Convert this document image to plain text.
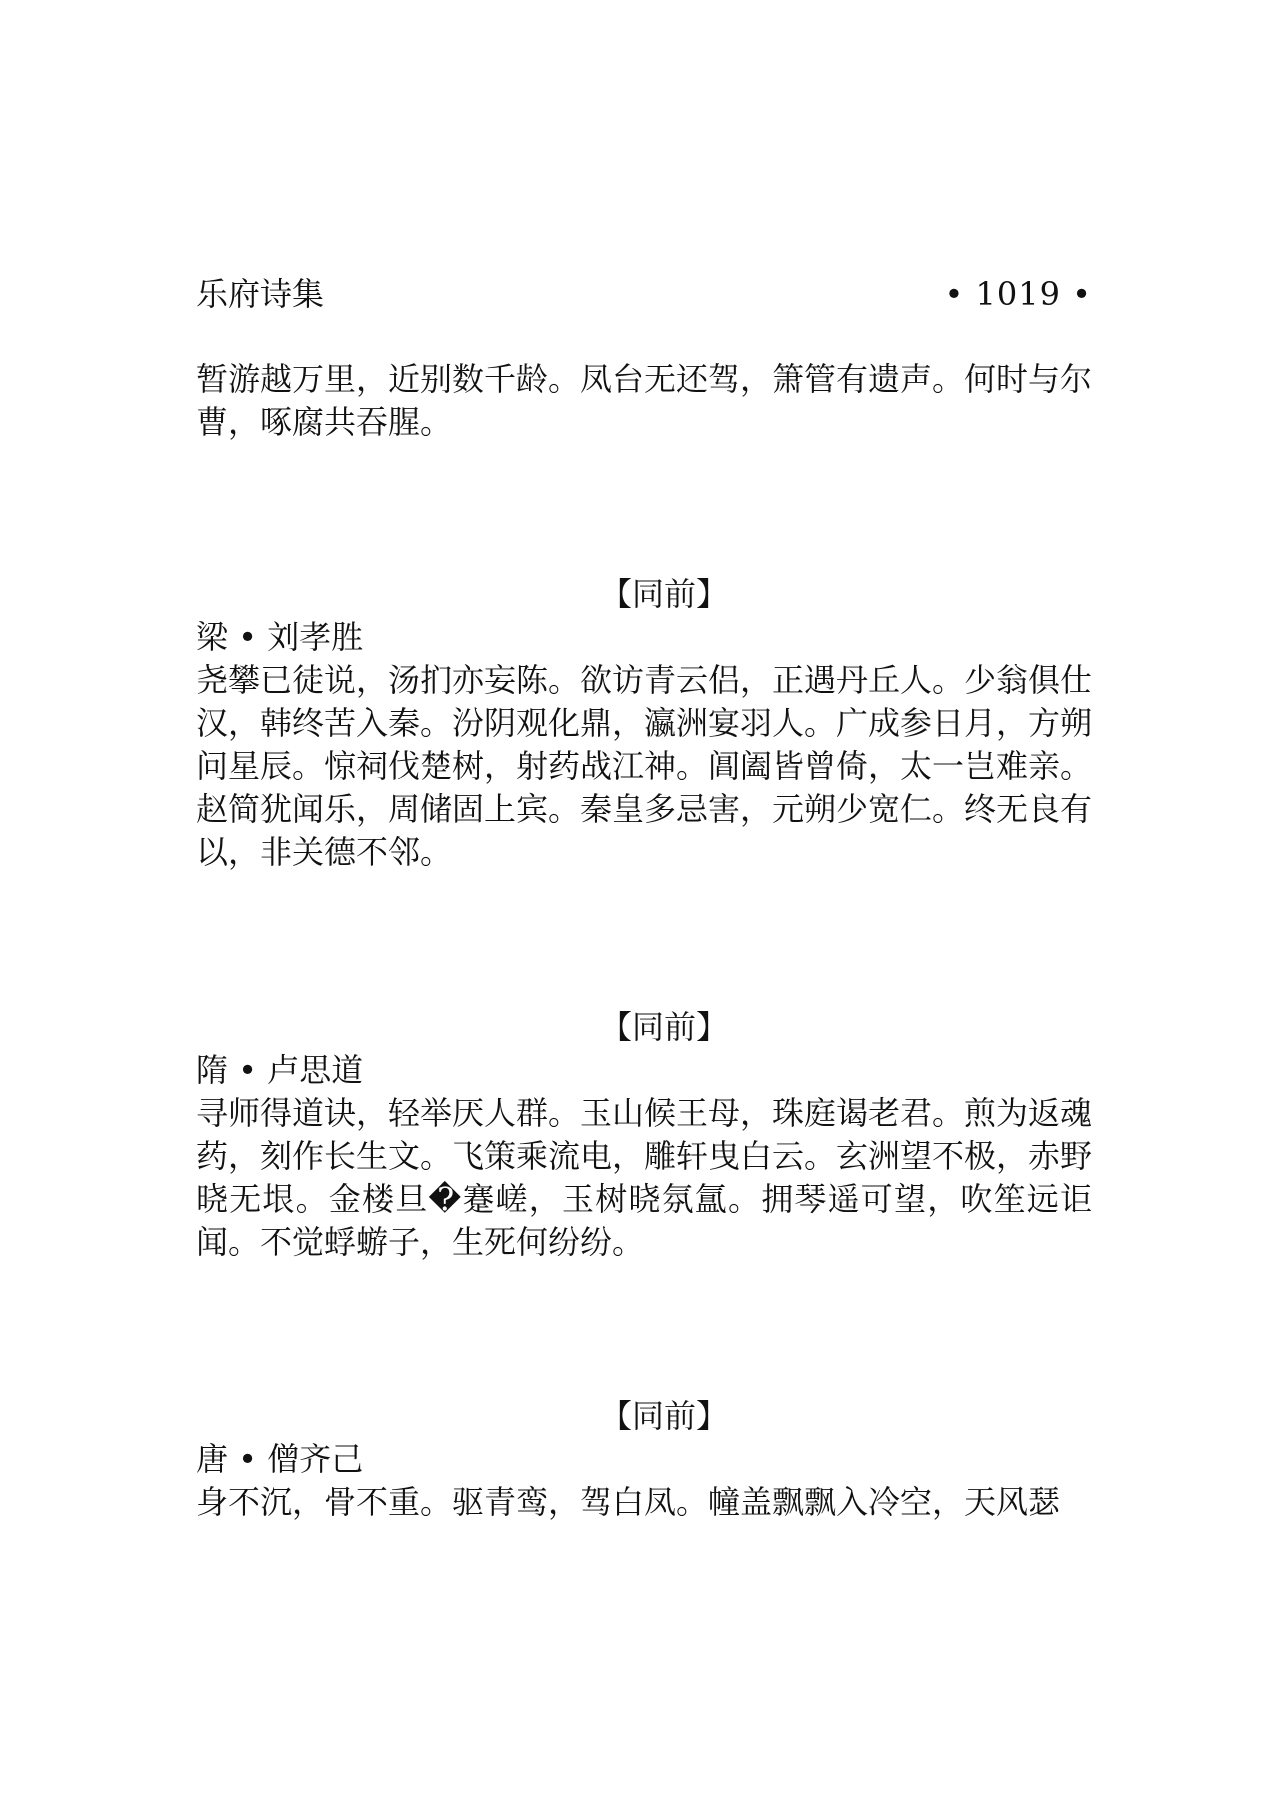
乐府诗集	• 1019 •

暂游越万里，近别数千龄。凤台无还驾，箫管有遗声。何时与尔曹，啄腐共吞腥。

【同前】
梁 • 刘孝胜

尧攀已徒说，汤扪亦妄陈。欲访青云侣，正遇丹丘人。少翁俱仕汉，韩终苦入秦。汾阴观化鼎，瀛洲宴羽人。广成参日月，方朔问星辰。惊祠伐楚树，射药战江神。阊阖皆曾倚，太一岂难亲。赵简犹闻乐，周储固上宾。秦皇多忌害，元朔少宽仁。终无良有以，非关德不邻。

【同前】
隋 • 卢思道

寻师得道诀，轻举厌人群。玉山候王母，珠庭谒老君。煎为返魂药，刻作长生文。飞策乘流电，雕轩曳白云。玄洲望不极，赤野晓无垠。金楼旦�蹇嵯，玉树晓氛氲。拥琴遥可望，吹笙远讵闻。不觉蜉蝣子，生死何纷纷。

【同前】
唐 • 僧齐己

身不沉，骨不重。驱青鸾，驾白凤。幢盖飘飘入冷空，天风瑟
